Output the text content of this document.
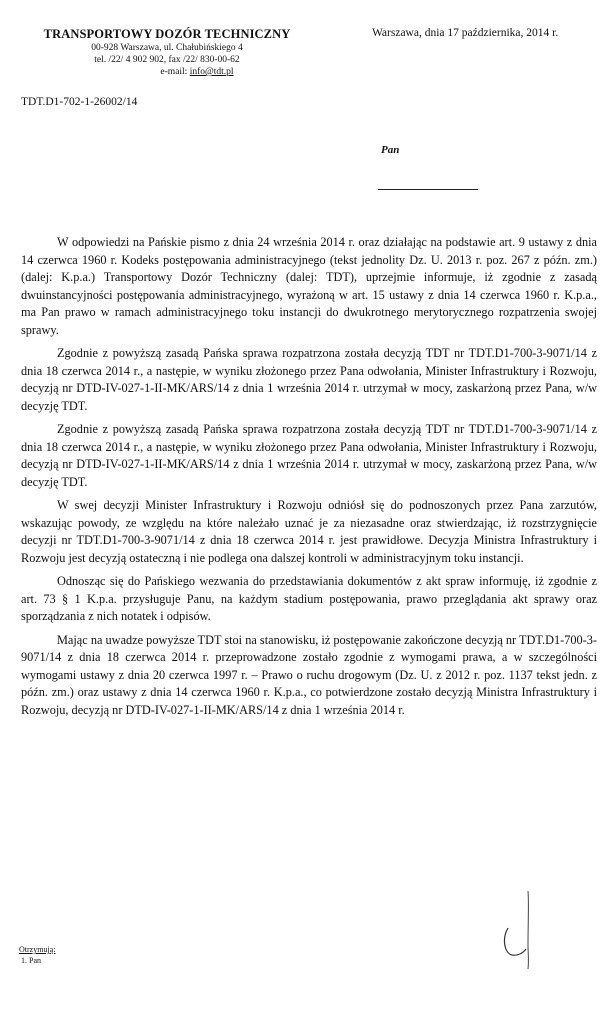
TRANSPORTOWY DOZÓR TECHNICZNY
00-928 Warszawa, ul. Chałubińskiego 4
tel. /22/ 4 902 902, fax /22/ 830-00-62
e-mail: info@tdt.pl
Warszawa, dnia 17 października, 2014 r.
TDT.D1-702-1-26002/14
Pan

W odpowiedzi na Pańskie pismo z dnia 24 września 2014 r. oraz działając na podstawie art. 9 ustawy z dnia 14 czerwca 1960 r. Kodeks postępowania administracyjnego (tekst jednolity Dz. U. 2013 r. poz. 267 z późn. zm.) (dalej: K.p.a.) Transportowy Dozór Techniczny (dalej: TDT), uprzejmie informuje, iż zgodnie z zasadą dwuinstancyjności postępowania administracyjnego, wyrażoną w art. 15 ustawy z dnia 14 czerwca 1960 r. K.p.a., ma Pan prawo w ramach administracyjnego toku instancji do dwukrotnego merytorycznego rozpatrzenia swojej sprawy.

Zgodnie z powyższą zasadą Pańska sprawa rozpatrzona została decyzją TDT nr TDT.D1-700-3-9071/14 z dnia 18 czerwca 2014 r., a następie, w wyniku złożonego przez Pana odwołania, Minister Infrastruktury i Rozwoju, decyzją nr DTD-IV-027-1-II-MK/ARS/14 z dnia 1 września 2014 r. utrzymał w mocy, zaskarżoną przez Pana, w/w decyzję TDT.

Zgodnie z powyższą zasadą Pańska sprawa rozpatrzona została decyzją TDT nr TDT.D1-700-3-9071/14 z dnia 18 czerwca 2014 r., a następie, w wyniku złożonego przez Pana odwołania, Minister Infrastruktury i Rozwoju, decyzją nr DTD-IV-027-1-II-MK/ARS/14 z dnia 1 września 2014 r. utrzymał w mocy, zaskarżoną przez Pana, w/w decyzję TDT.

W swej decyzji Minister Infrastruktury i Rozwoju odniósł się do podnoszonych przez Pana zarzutów, wskazując powody, ze względu na które należało uznać je za niezasadne oraz stwierdzając, iż rozstrzygnięcie decyzji nr TDT.D1-700-3-9071/14 z dnia 18 czerwca 2014 r. jest prawidłowe. Decyzja Ministra Infrastruktury i Rozwoju jest decyzją ostateczną i nie podlega ona dalszej kontroli w administracyjnym toku instancji.

Odnosząc się do Pańskiego wezwania do przedstawiania dokumentów z akt spraw informuję, iż zgodnie z art. 73 § 1 K.p.a. przysługuje Panu, na każdym stadium postępowania, prawo przeglądania akt sprawy oraz sporządzania z nich notatek i odpisów.

Mając na uwadze powyższe TDT stoi na stanowisku, iż postępowanie zakończone decyzją nr TDT.D1-700-3-9071/14 z dnia 18 czerwca 2014 r. przeprowadzone zostało zgodnie z wymogami prawa, a w szczególności wymogami ustawy z dnia 20 czerwca 1997 r. – Prawo o ruchu drogowym (Dz. U. z 2012 r. poz. 1137 tekst jedn. z późn. zm.) oraz ustawy z dnia 14 czerwca 1960 r. K.p.a., co potwierdzone zostało decyzją Ministra Infrastruktury i Rozwoju, decyzją nr DTD-IV-027-1-II-MK/ARS/14 z dnia 1 września 2014 r.

Otrzymują:
1. Pan
